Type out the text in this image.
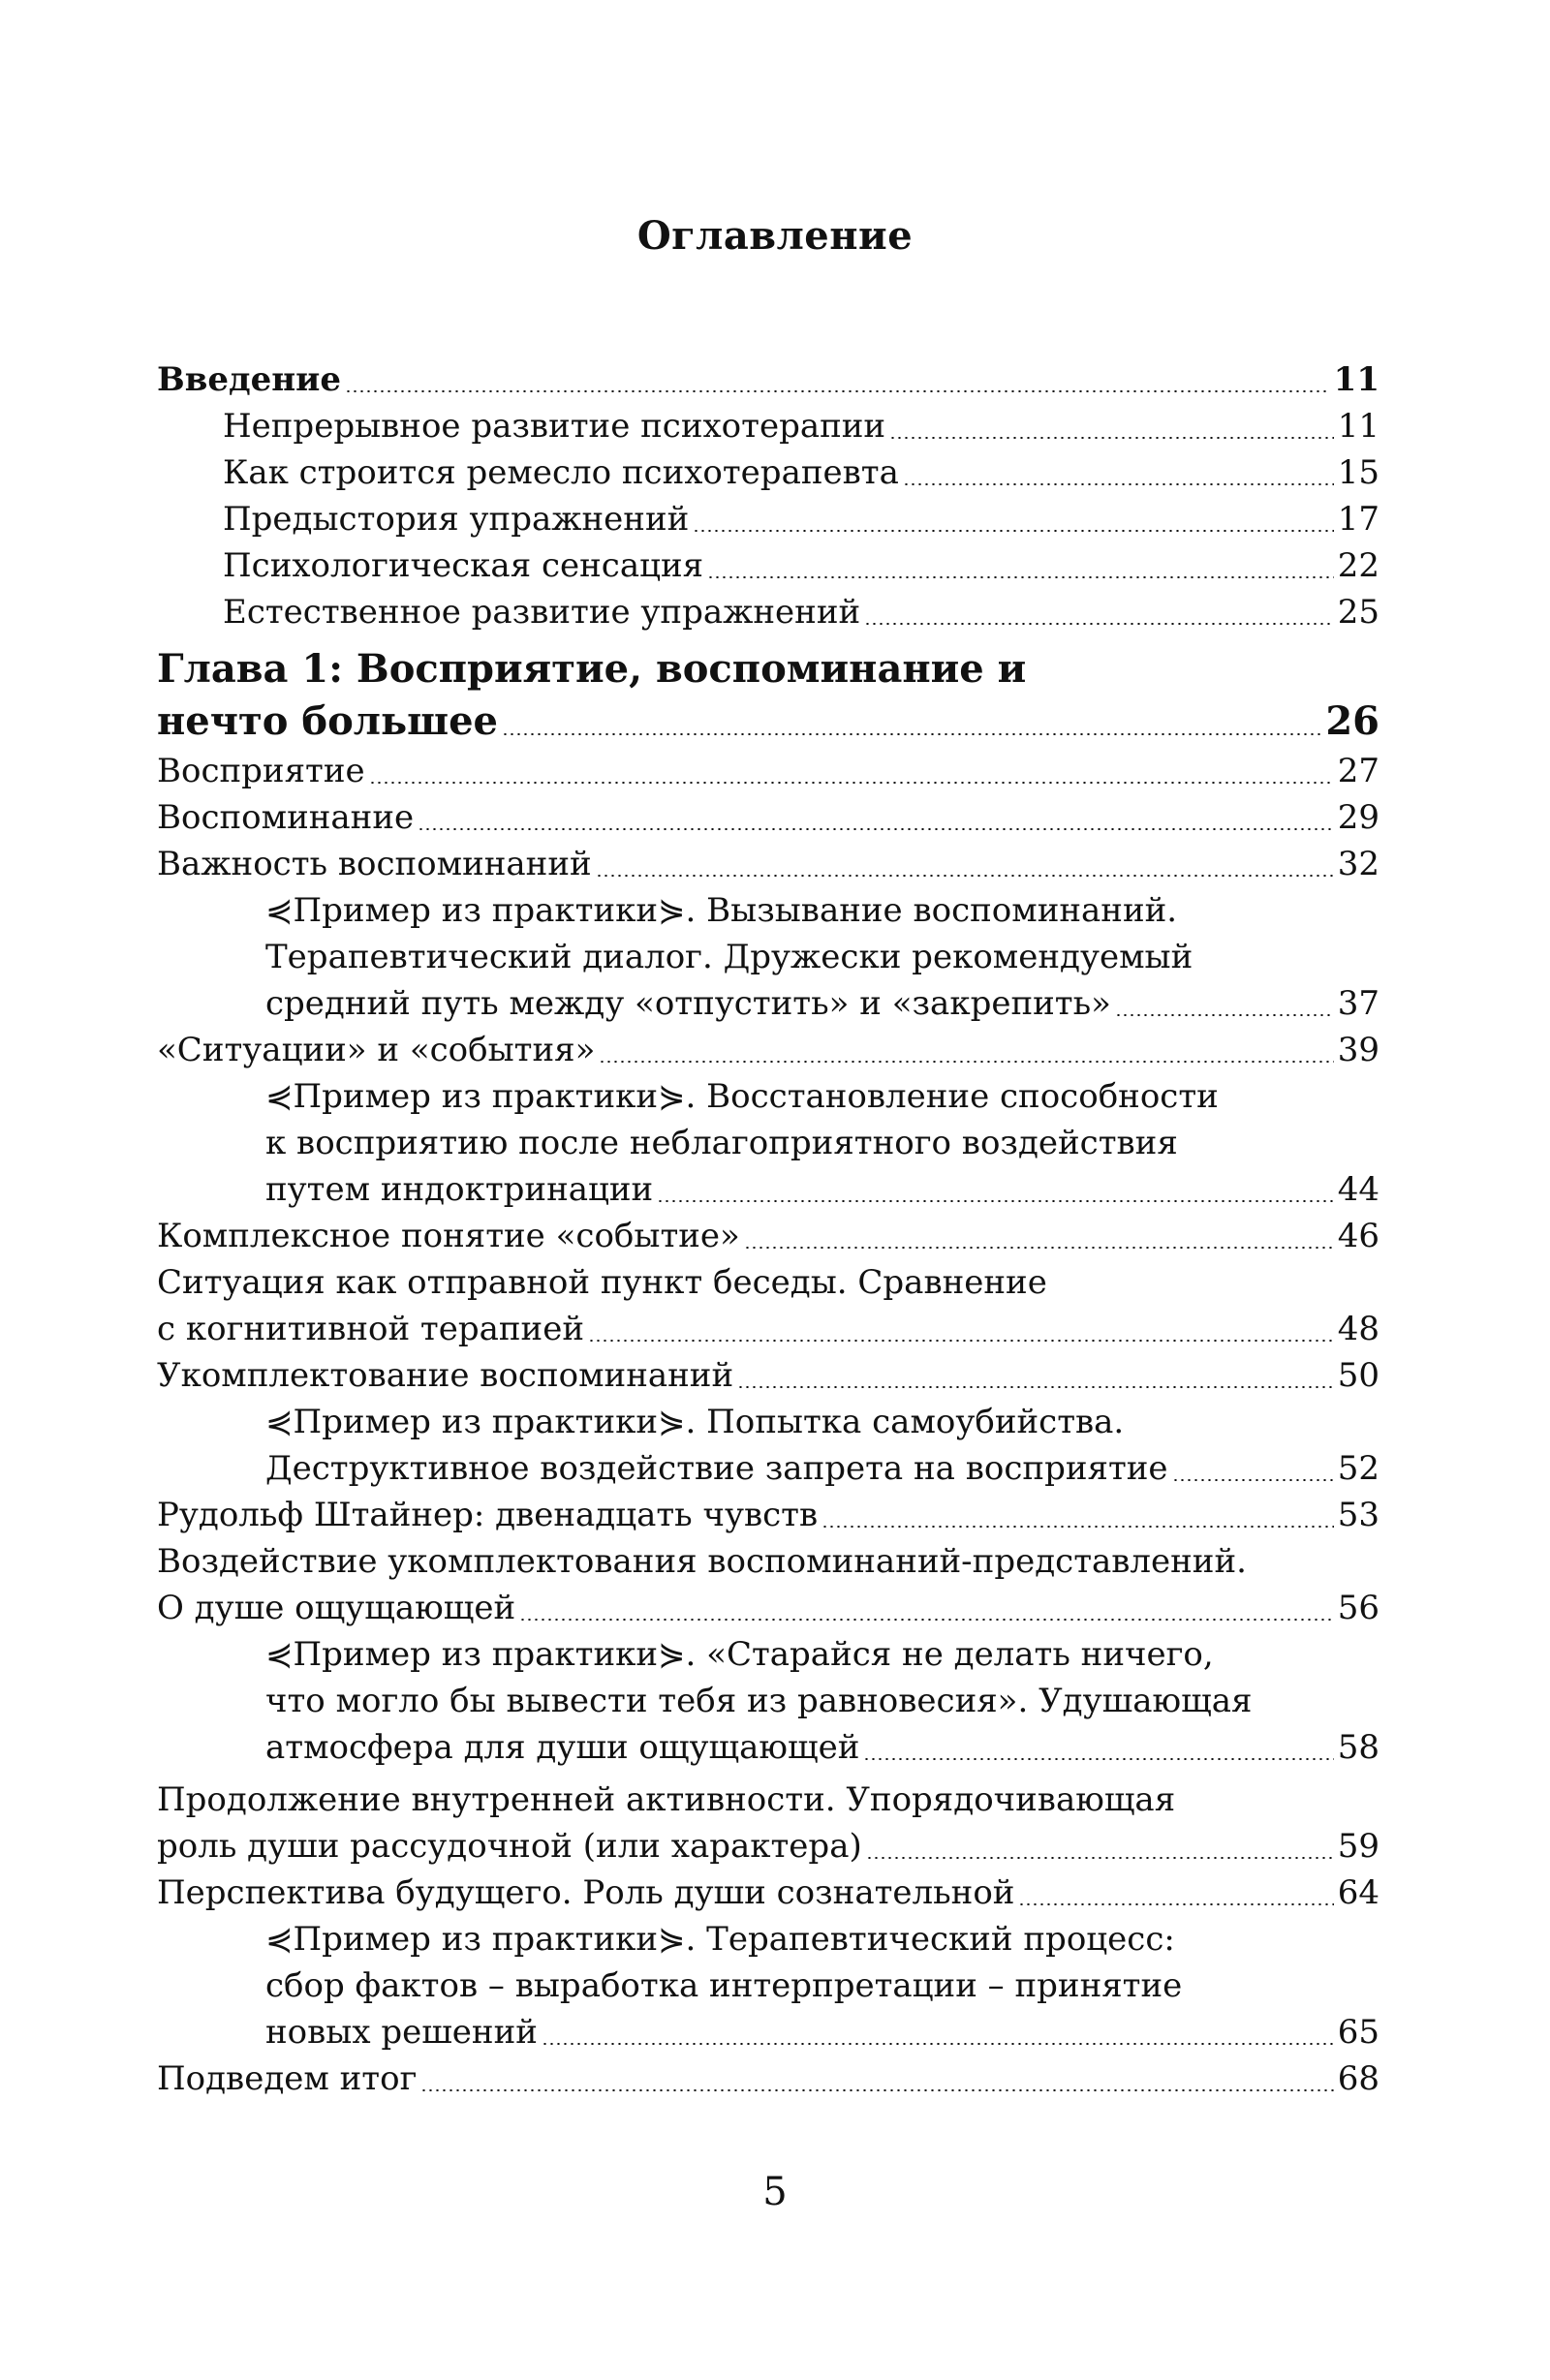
Оглавление
Введение	11
Непрерывное развитие психотерапии	11
Как строится ремесло психотерапевта	15
Предыстория упражнений	17
Психологическая сенсация	22
Естественное развитие упражнений	25
Глава 1: Восприятие, воспоминание и
нечто большее	26
Восприятие	27
Воспоминание	29
Важность воспоминаний	32
⋞Пример из практики⋟. Вызывание воспоминаний.
Терапевтический диалог. Дружески рекомендуемый
средний путь между «отпустить» и «закрепить»	37
«Ситуации» и «события»	39
⋞Пример из практики⋟. Восстановление способности
к восприятию после неблагоприятного воздействия
путем индоктринации	44
Комплексное понятие «событие»	46
Ситуация как отправной пункт беседы. Сравнение
с когнитивной терапией	48
Укомплектование воспоминаний	50
⋞Пример из практики⋟. Попытка самоубийства.
Деструктивное воздействие запрета на восприятие	52
Рудольф Штайнер: двенадцать чувств	53
Воздействие укомплектования воспоминаний-представлений.
О душе ощущающей	56
⋞Пример из практики⋟. «Старайся не делать ничего,
что могло бы вывести тебя из равновесия». Удушающая
атмосфера для души ощущающей	58
Продолжение внутренней активности. Упорядочивающая
роль души рассудочной (или характера)	59
Перспектива будущего. Роль души сознательной	64
⋞Пример из практики⋟. Терапевтический процесс:
сбор фактов – выработка интерпретации – принятие
новых решений	65
Подведем итог	68
5
